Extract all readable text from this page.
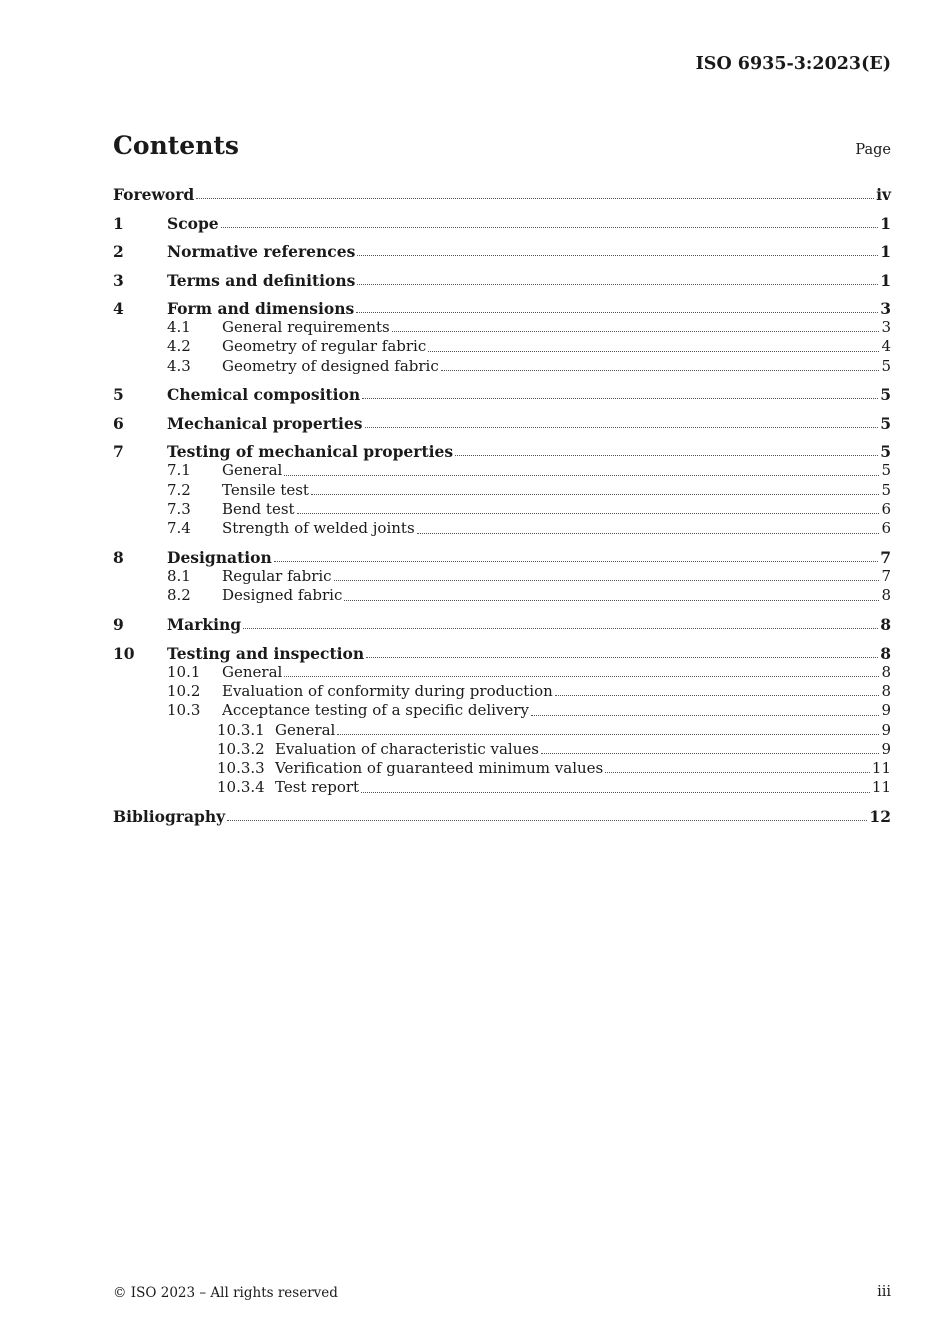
ISO 6935-3:2023(E)
Contents	Page
Foreword	iv
1	Scope	1
2	Normative references	1
3	Terms and definitions	1
4	Form and dimensions	3
4.1	General requirements	3
4.2	Geometry of regular fabric	4
4.3	Geometry of designed fabric	5
5	Chemical composition	5
6	Mechanical properties	5
7	Testing of mechanical properties	5
7.1	General	5
7.2	Tensile test	5
7.3	Bend test	6
7.4	Strength of welded joints	6
8	Designation	7
8.1	Regular fabric	7
8.2	Designed fabric	8
9	Marking	8
10	Testing and inspection	8
10.1	General	8
10.2	Evaluation of conformity during production	8
10.3	Acceptance testing of a specific delivery	9
10.3.1 General	9
10.3.2 Evaluation of characteristic values	9
10.3.3 Verification of guaranteed minimum values	11
10.3.4 Test report	11
Bibliography	12
© ISO 2023 – All rights reserved	iii
